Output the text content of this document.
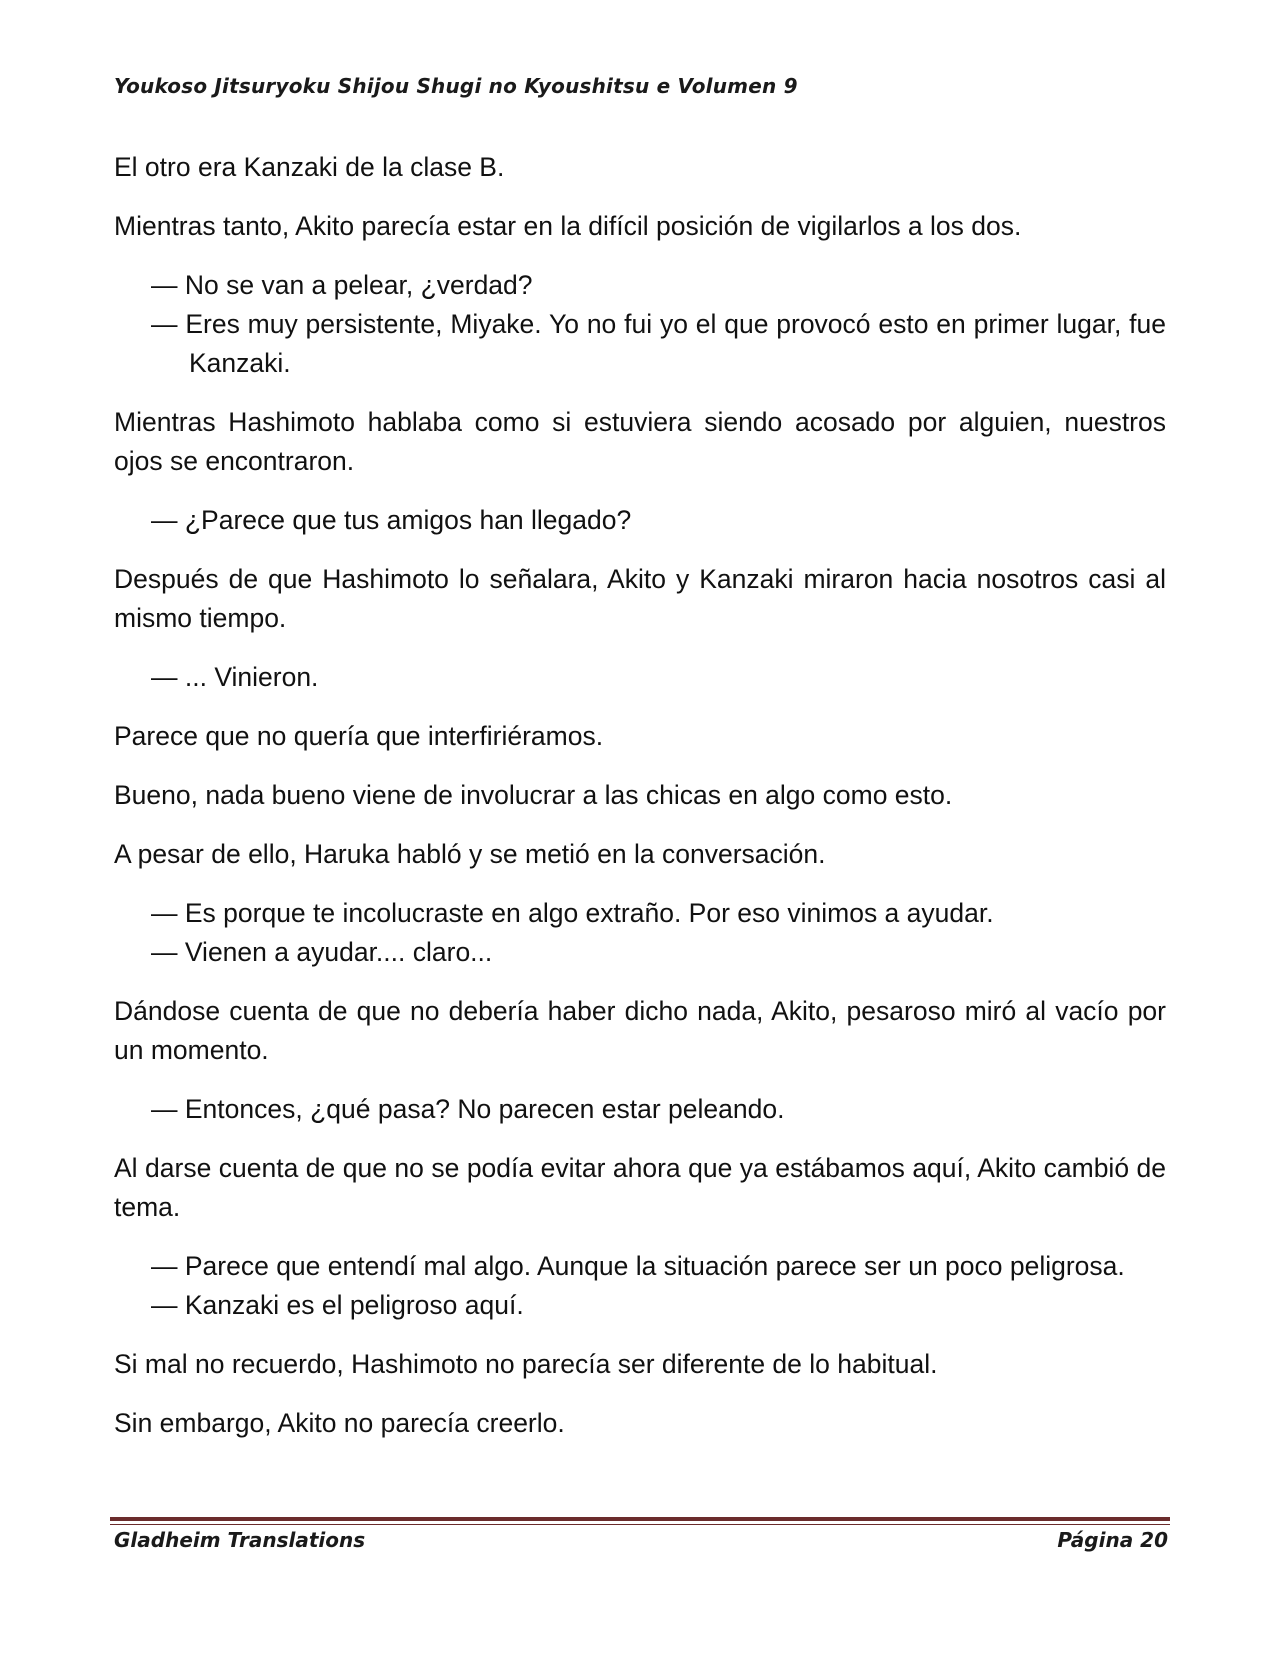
Youkoso Jitsuryoku Shijou Shugi no Kyoushitsu e Volumen 9

El otro era Kanzaki de la clase B.

Mientras tanto, Akito parecía estar en la difícil posición de vigilarlos a los dos.

— No se van a pelear, ¿verdad?

— Eres muy persistente, Miyake. Yo no fui yo el que provocó esto en primer lugar, fue Kanzaki.

Mientras Hashimoto hablaba como si estuviera siendo acosado por alguien, nuestros ojos se encontraron.

— ¿Parece que tus amigos han llegado?

Después de que Hashimoto lo señalara, Akito y Kanzaki miraron hacia nosotros casi al mismo tiempo.

— ... Vinieron.

Parece que no quería que interfiriéramos.

Bueno, nada bueno viene de involucrar a las chicas en algo como esto.

A pesar de ello, Haruka habló y se metió en la conversación.

— Es porque te incolucraste en algo extraño. Por eso vinimos a ayudar.

— Vienen a ayudar.... claro...

Dándose cuenta de que no debería haber dicho nada, Akito, pesaroso miró al vacío por un momento.

— Entonces, ¿qué pasa? No parecen estar peleando.

Al darse cuenta de que no se podía evitar ahora que ya estábamos aquí, Akito cambió de tema.

— Parece que entendí mal algo. Aunque la situación parece ser un poco peligrosa.

— Kanzaki es el peligroso aquí.

Si mal no recuerdo, Hashimoto no parecía ser diferente de lo habitual.

Sin embargo, Akito no parecía creerlo.

Gladheim Translations	Página 20
